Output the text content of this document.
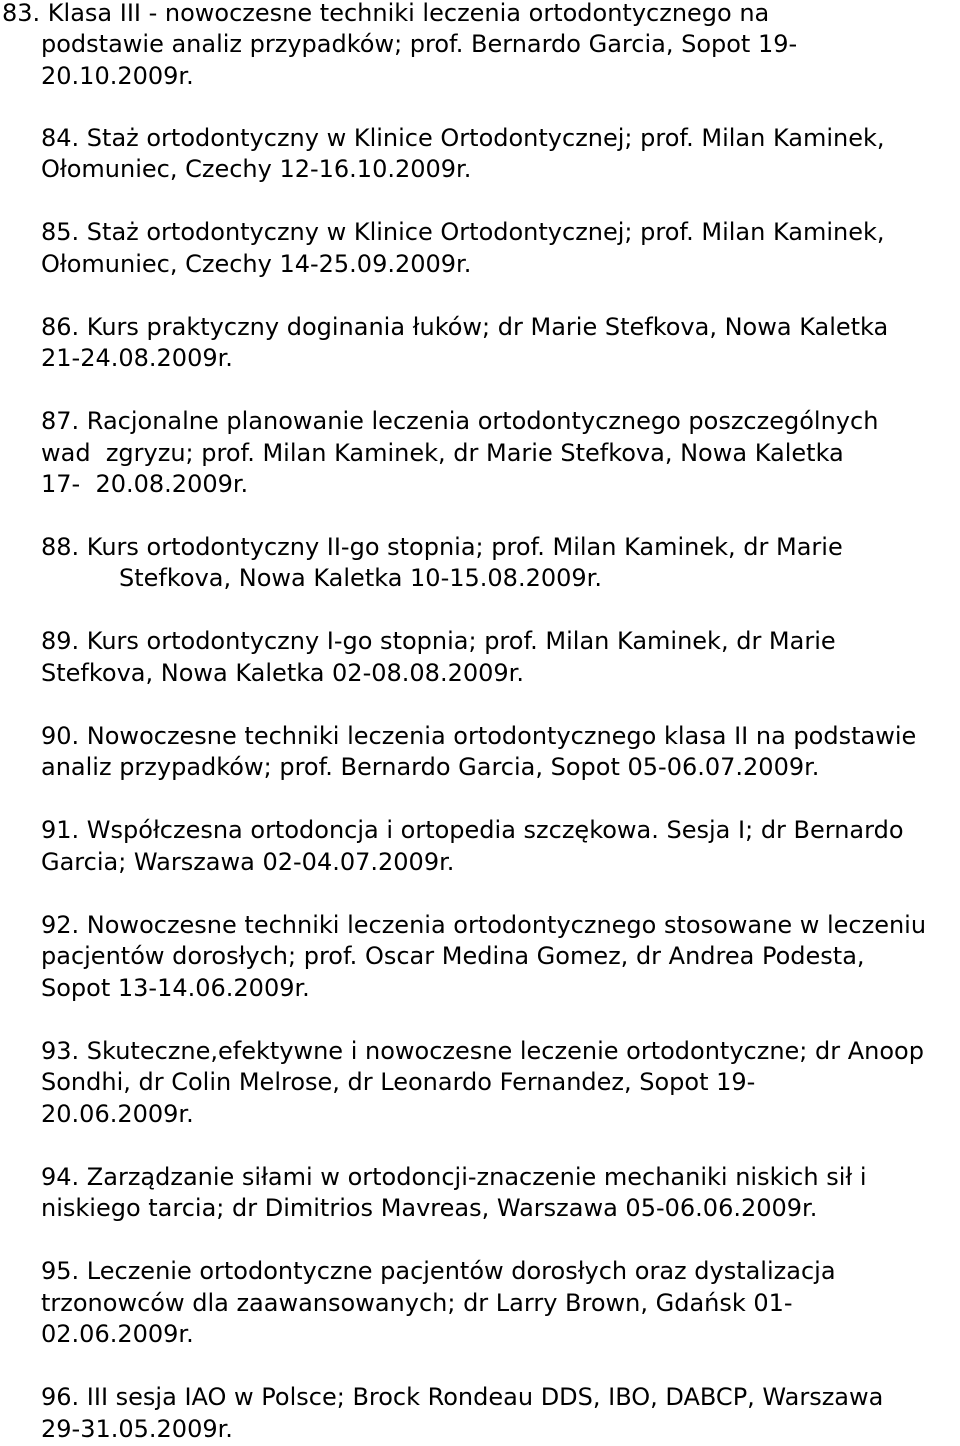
83. Klasa III - nowoczesne techniki leczenia ortodontycznego na
podstawie analiz przypadków; prof. Bernardo Garcia, Sopot 19-
20.10.2009r.
84. Staż ortodontyczny w Klinice Ortodontycznej; prof. Milan Kaminek,
Ołomuniec, Czechy 12-16.10.2009r.
85. Staż ortodontyczny w Klinice Ortodontycznej; prof. Milan Kaminek,
Ołomuniec, Czechy 14-25.09.2009r.
86. Kurs praktyczny doginania łuków; dr Marie Stefkova, Nowa Kaletka
21-24.08.2009r.
87. Racjonalne planowanie leczenia ortodontycznego poszczególnych
wad  zgryzu; prof. Milan Kaminek, dr Marie Stefkova, Nowa Kaletka
17-  20.08.2009r.
88. Kurs ortodontyczny II-go stopnia; prof. Milan Kaminek, dr Marie
Stefkova, Nowa Kaletka 10-15.08.2009r.
89. Kurs ortodontyczny I-go stopnia; prof. Milan Kaminek, dr Marie
Stefkova, Nowa Kaletka 02-08.08.2009r.
90. Nowoczesne techniki leczenia ortodontycznego klasa II na podstawie
analiz przypadków; prof. Bernardo Garcia, Sopot 05-06.07.2009r.
91. Współczesna ortodoncja i ortopedia szczękowa. Sesja I; dr Bernardo
Garcia; Warszawa 02-04.07.2009r.
92. Nowoczesne techniki leczenia ortodontycznego stosowane w leczeniu
pacjentów dorosłych; prof. Oscar Medina Gomez, dr Andrea Podesta,
Sopot 13-14.06.2009r.
93. Skuteczne,efektywne i nowoczesne leczenie ortodontyczne; dr Anoop
Sondhi, dr Colin Melrose, dr Leonardo Fernandez, Sopot 19-
20.06.2009r.
94. Zarządzanie siłami w ortodoncji-znaczenie mechaniki niskich sił i
niskiego tarcia; dr Dimitrios Mavreas, Warszawa 05-06.06.2009r.
95. Leczenie ortodontyczne pacjentów dorosłych oraz dystalizacja
trzonowców dla zaawansowanych; dr Larry Brown, Gdańsk 01-
02.06.2009r.
96. III sesja IAO w Polsce; Brock Rondeau DDS, IBO, DABCP, Warszawa
29-31.05.2009r.
